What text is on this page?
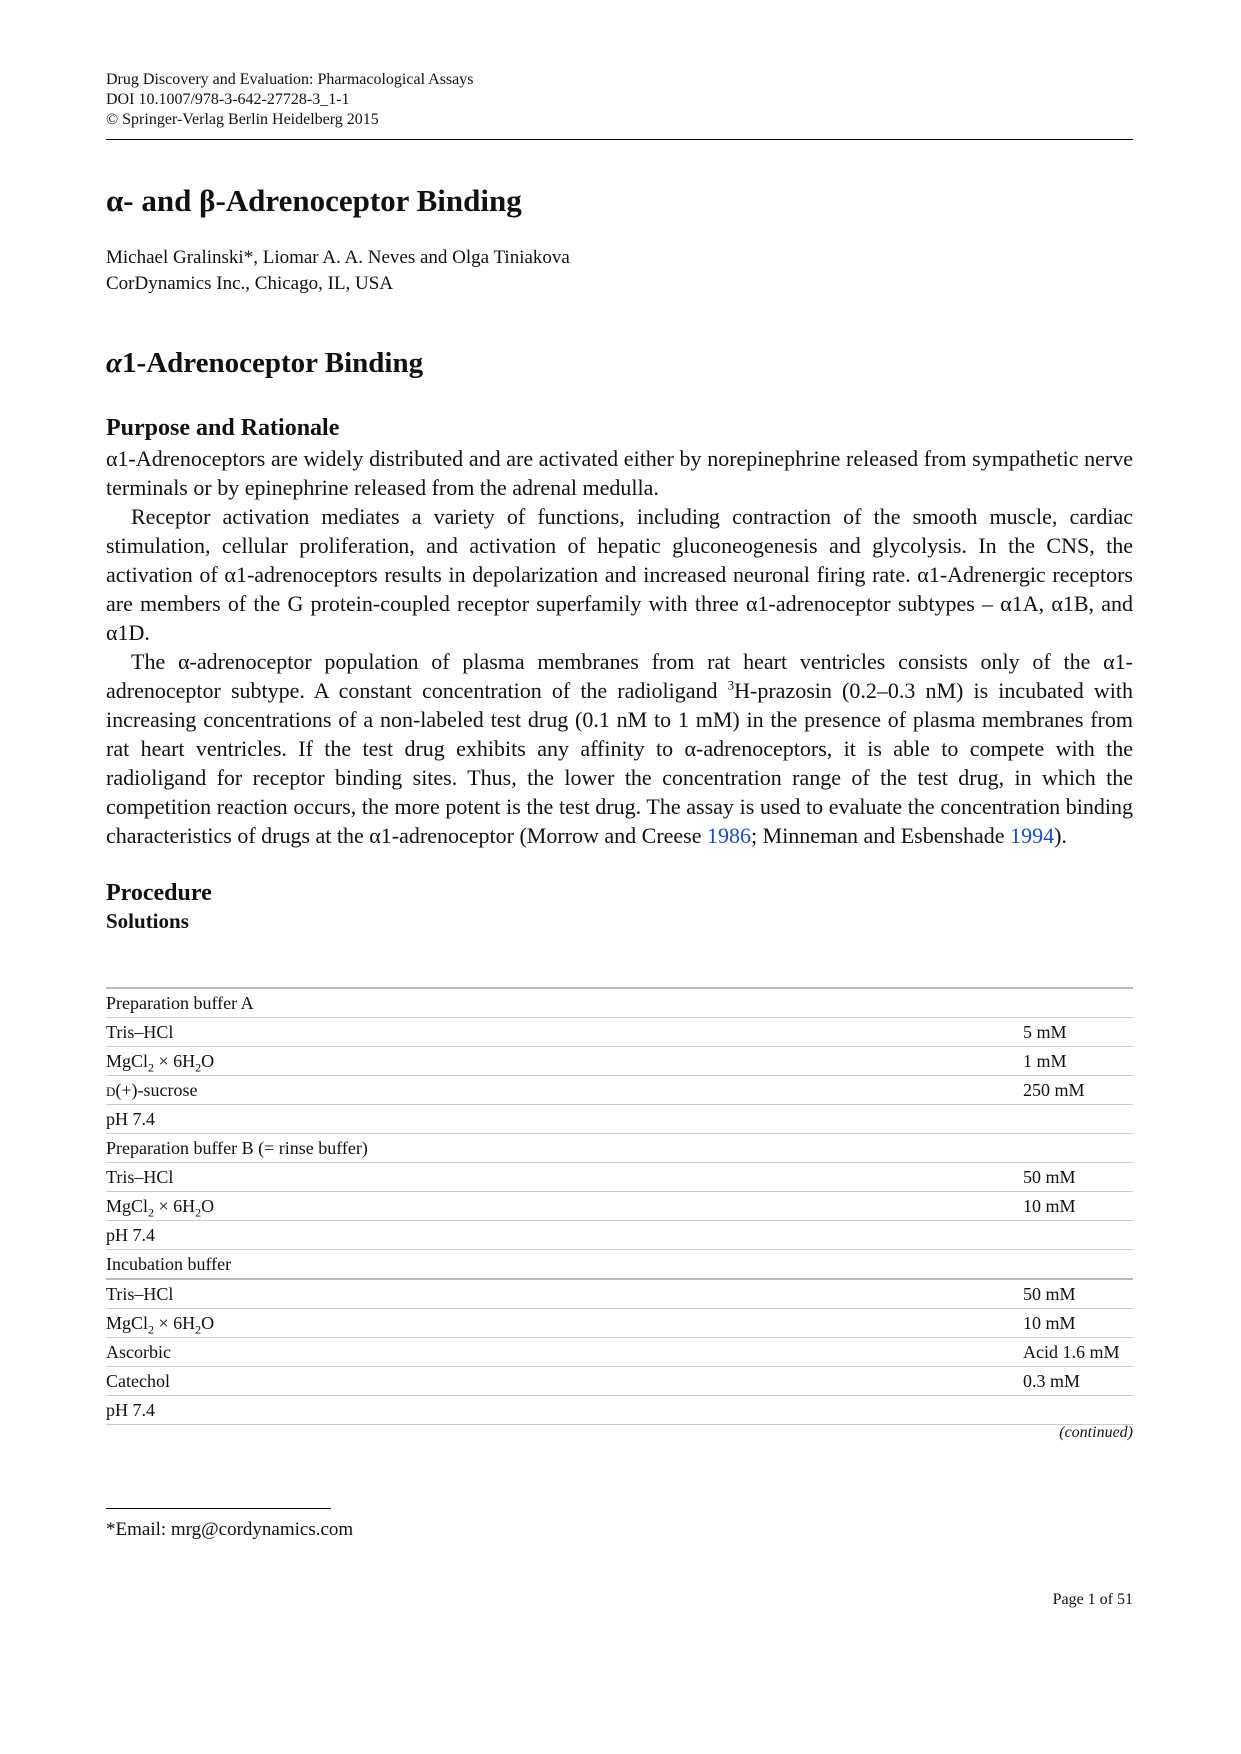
Drug Discovery and Evaluation: Pharmacological Assays
DOI 10.1007/978-3-642-27728-3_1-1
© Springer-Verlag Berlin Heidelberg 2015
α- and β-Adrenoceptor Binding
Michael Gralinski*, Liomar A. A. Neves and Olga Tiniakova
CorDynamics Inc., Chicago, IL, USA
α1-Adrenoceptor Binding
Purpose and Rationale

α1-Adrenoceptors are widely distributed and are activated either by norepinephrine released from sympathetic nerve terminals or by epinephrine released from the adrenal medulla.

Receptor activation mediates a variety of functions, including contraction of the smooth muscle, cardiac stimulation, cellular proliferation, and activation of hepatic gluconeogenesis and glycolysis. In the CNS, the activation of α1-adrenoceptors results in depolarization and increased neuronal firing rate. α1-Adrenergic receptors are members of the G protein-coupled receptor superfamily with three α1-adrenoceptor subtypes – α1A, α1B, and α1D.

The α-adrenoceptor population of plasma membranes from rat heart ventricles consists only of the α1-adrenoceptor subtype. A constant concentration of the radioligand $^3$H-prazosin (0.2–0.3 nM) is incubated with increasing concentrations of a non-labeled test drug (0.1 nM to 1 mM) in the presence of plasma membranes from rat heart ventricles. If the test drug exhibits any affinity to α-adrenoceptors, it is able to compete with the radioligand for receptor binding sites. Thus, the lower the concentration range of the test drug, in which the competition reaction occurs, the more potent is the test drug. The assay is used to evaluate the concentration binding characteristics of drugs at the α1-adrenoceptor (Morrow and Creese 1986; Minneman and Esbenshade 1994).

Procedure
Solutions
Preparation buffer A
Tris–HCl	5 mM
MgCl$_2$ × $6H_2O$	1 mM
d(+)-sucrose	250 mM
pH 7.4
Preparation buffer B (= rinse buffer)
Tris–HCl	50 mM
MgCl$_2$ × $6H_2O$	10 mM
pH 7.4
Incubation buffer
Tris–HCl	50 mM
MgCl$_2$ × $6H_2O$	10 mM
Ascorbic	Acid 1.6 mM
Catechol	0.3 mM
pH 7.4
(continued)
*Email: mrg@cordynamics.com
Page 1 of 51
